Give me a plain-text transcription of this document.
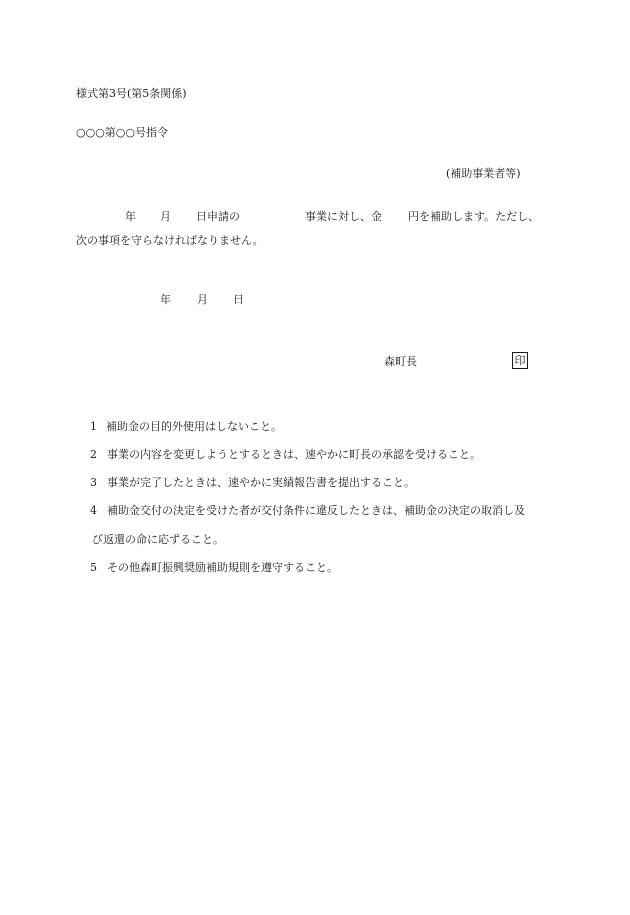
様式第3号(第5条関係)
○○○第○○号指令
(補助事業者等)
年 月 日申請の	事業に対し、金 円を補助します。ただし、
次の事項を守らなければなりません。
年 月 日
森町長	印
1 補助金の目的外使用はしないこと。
2 事業の内容を変更しようとするときは、速やかに町長の承認を受けること。
3 事業が完了したときは、速やかに実績報告書を提出すること。
4 補助金交付の決定を受けた者が交付条件に違反したときは、補助金の決定の取消し及
び返還の命に応ずること。
5 その他森町振興奨励補助規則を遵守すること。
